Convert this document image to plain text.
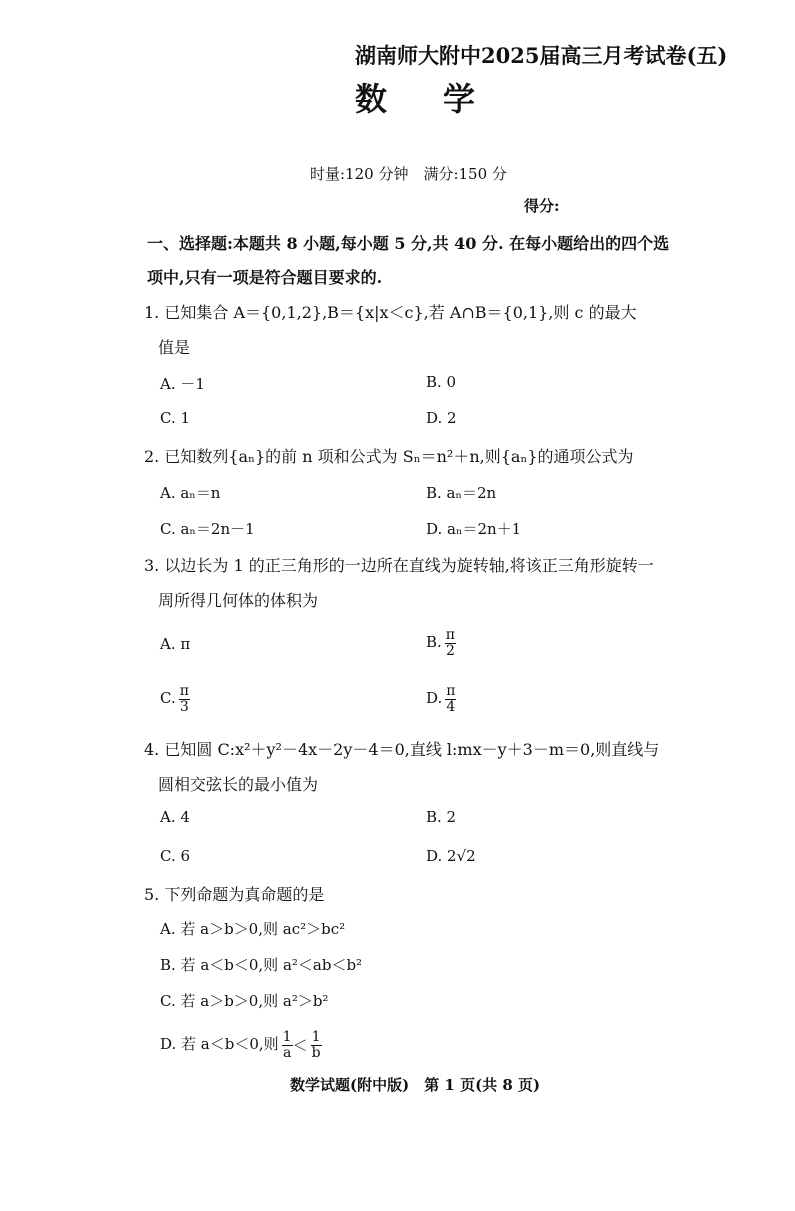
湖南师大附中2025届高三月考试卷(五)
数学
时量:120 分钟　满分:150 分
得分:
一、选择题:本题共 8 小题,每小题 5 分,共 40 分. 在每小题给出的四个选
项中,只有一项是符合题目要求的.
1. 已知集合 A＝{0,1,2},B＝{x|x＜c},若 A∩B＝{0,1},则 c 的最大
值是
A. －1	B. 0
C. 1	D. 2
2. 已知数列{aₙ}的前 n 项和公式为 Sₙ＝n²＋n,则{aₙ}的通项公式为
A. aₙ＝n	B. aₙ＝2n
C. aₙ＝2n－1	D. aₙ＝2n＋1
3. 以边长为 1 的正三角形的一边所在直线为旋转轴,将该正三角形旋转一
周所得几何体的体积为
A. π	B. $\frac{\pi}{2}$
C. $\frac{\pi}{3}$	D. $\frac{\pi}{4}$
4. 已知圆 C:x²＋y²－4x－2y－4＝0,直线 l:mx－y＋3－m＝0,则直线与
圆相交弦长的最小值为
A. 4	B. 2
C. 6	D. 2√2
5. 下列命题为真命题的是
A. 若 a＞b＞0,则 ac²＞bc²
B. 若 a＜b＜0,则 a²＜ab＜b²
C. 若 a＞b＞0,则 a²＞b²
D. 若 a＜b＜0,则 $\frac{1}{a} < \frac{1}{b}$
数学试题(附中版)　第 1 页(共 8 页)
